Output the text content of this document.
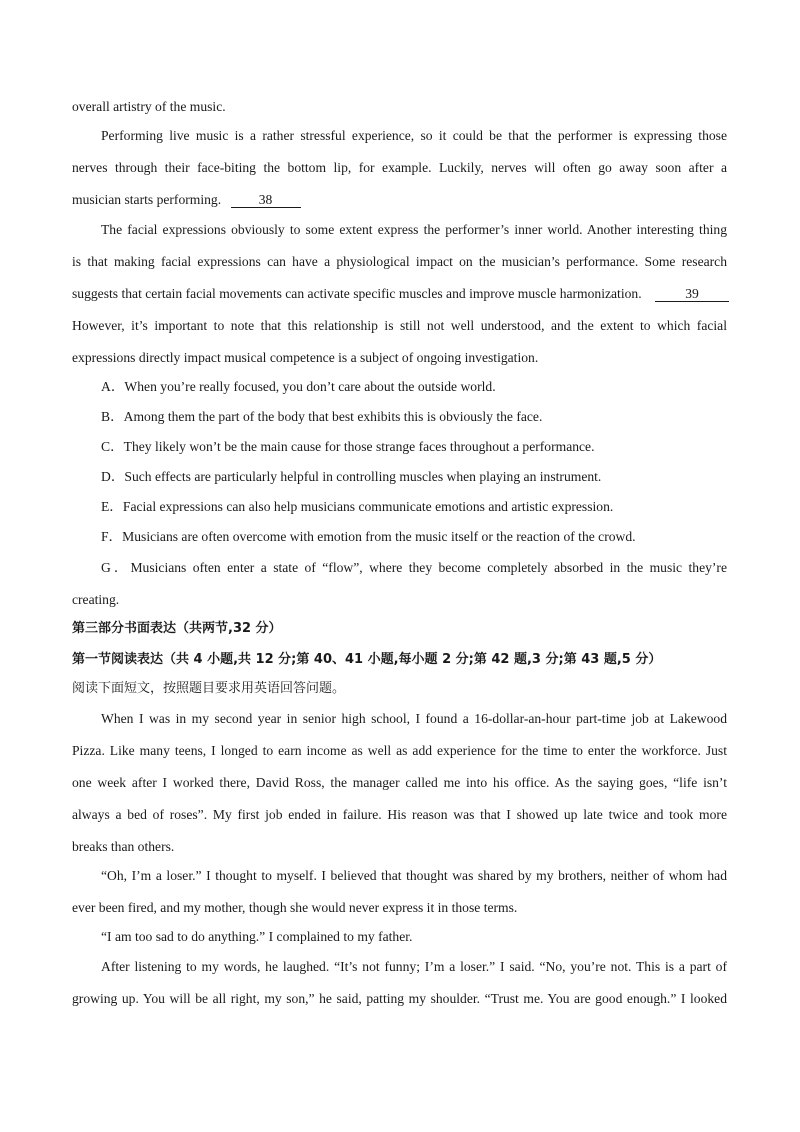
overall artistry of the music.
Performing live music is a rather stressful experience, so it could be that the performer is expressing those
nerves through their face-biting the bottom lip, for example. Luckily, nerves will often go away soon after a
musician starts performing.	38
The facial expressions obviously to some extent express the performer’s inner world. Another interesting thing
is that making facial expressions can have a physiological impact on the musician’s performance. Some research
suggests that certain facial movements can activate specific muscles and improve muscle harmonization.	39
However, it’s important to note that this relationship is still not well understood, and the extent to which facial
expressions directly impact musical competence is a subject of ongoing investigation.
A．When you’re really focused, you don’t care about the outside world.
B．Among them the part of the body that best exhibits this is obviously the face.
C．They likely won’t be the main cause for those strange faces throughout a performance.
D．Such effects are particularly helpful in controlling muscles when playing an instrument.
E．Facial expressions can also help musicians communicate emotions and artistic expression.
F．Musicians are often overcome with emotion from the music itself or the reaction of the crowd.
G．Musicians often enter a state of “flow”, where they become completely absorbed in the music they’re
creating.
第三部分书面表达（共两节,32 分）
第一节阅读表达（共 4 小题,共 12 分;第 40、41 小题,每小题 2 分;第 42 题,3 分;第 43 题,5 分）
阅读下面短文，按照题目要求用英语回答问题。
When I was in my second year in senior high school, I found a 16-dollar-an-hour part-time job at Lakewood
Pizza. Like many teens, I longed to earn income as well as add experience for the time to enter the workforce. Just
one week after I worked there, David Ross, the manager called me into his office. As the saying goes, “life isn’t
always a bed of roses”. My first job ended in failure. His reason was that I showed up late twice and took more
breaks than others.
“Oh, I’m a loser.” I thought to myself. I believed that thought was shared by my brothers, neither of whom had
ever been fired, and my mother, though she would never express it in those terms.
“I am too sad to do anything.” I complained to my father.
After listening to my words, he laughed. “It’s not funny; I’m a loser.” I said. “No, you’re not. This is a part of
growing up. You will be all right, my son,” he said, patting my shoulder. “Trust me. You are good enough.” I looked
